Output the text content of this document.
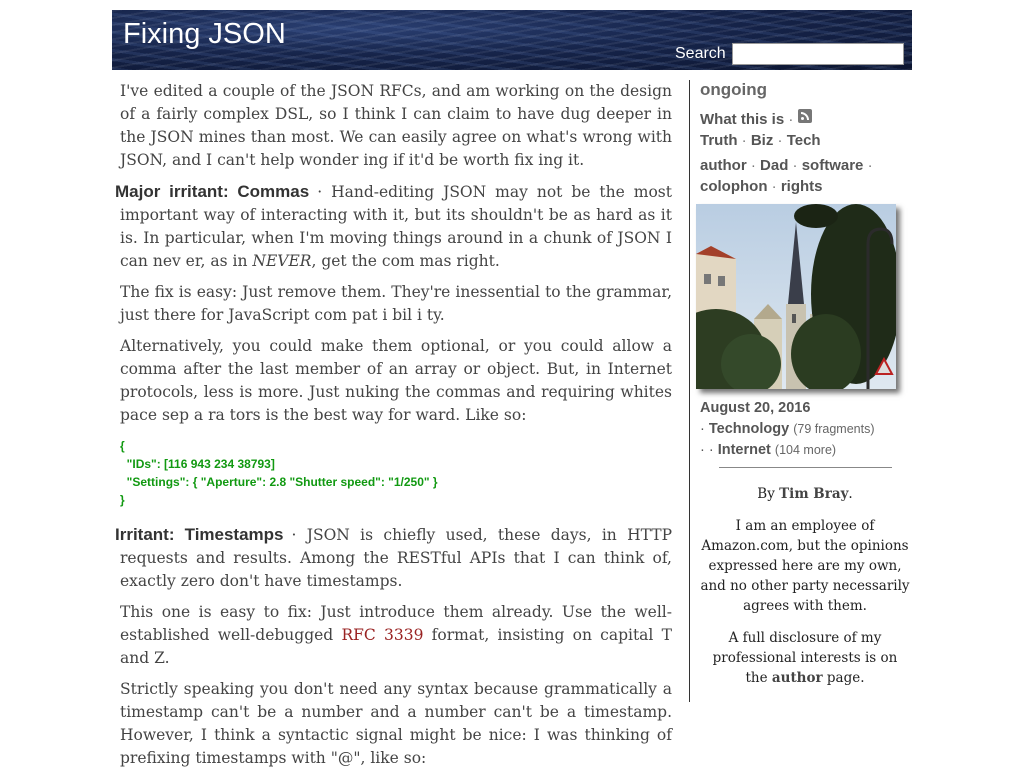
Fixing JSON
Search

I've edited a couple of the JSON RFCs, and am working on the design of a fairly complex DSL, so I think I can claim to have dug deeper in the JSON mines than most. We can easily agree on what's wrong with JSON, and I can't help wonder ing if it'd be worth fix ing it.

Major irritant: Commas · Hand-editing JSON may not be the most important way of interacting with it, but its shouldn't be as hard as it is. In particular, when I'm moving things around in a chunk of JSON I can nev er, as in NEVER, get the com mas right.

The fix is easy: Just remove them. They're inessential to the grammar, just there for JavaScript com pat i bil i ty.

Alternatively, you could make them optional, or you could allow a comma after the last member of an array or object. But, in Internet protocols, less is more. Just nuking the commas and requiring whites pace sep a ra tors is the best way for ward. Like so:

{
"IDs": [116 943 234 38793]
"Settings": { "Aperture": 2.8 "Shutter speed": "1/250" }
}

Irritant: Timestamps · JSON is chiefly used, these days, in HTTP requests and results. Among the RESTful APIs that I can think of, exactly zero don't have timestamps.

This one is easy to fix: Just introduce them already. Use the well-established well-debugged RFC 3339 format, insisting on capital T and Z.

Strictly speaking you don't need any syntax because grammatically a timestamp can't be a number and a number can't be a timestamp. However, I think a syntactic signal might be nice: I was thinking of prefixing timestamps with "@", like so:

ongoing
What this is ·
Truth · Biz · Tech
author · Dad · software ·
colophon · rights
August 20, 2016
· Technology (79 fragments)
· · Internet (104 more)

By Tim Bray.

I am an employee of Amazon.com, but the opinions expressed here are my own, and no other party necessarily agrees with them.

A full disclosure of my professional interests is on the author page.
